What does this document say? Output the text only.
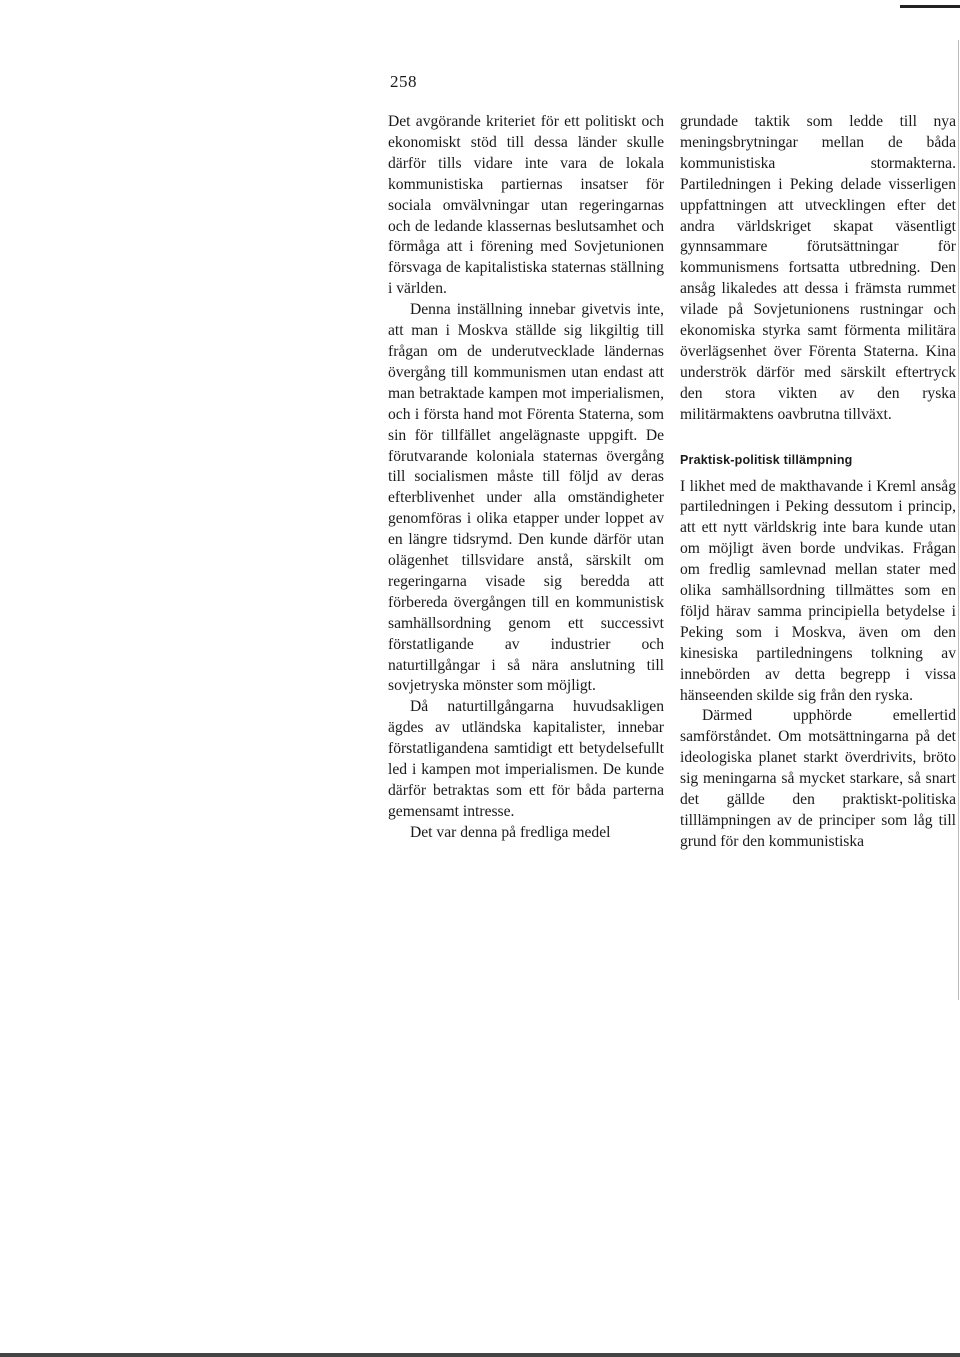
258

Det avgörande kriteriet för ett politiskt och ekonomiskt stöd till dessa länder skulle därför tills vidare inte vara de lokala kommunistiska partiernas insatser för sociala omvälvningar utan regeringarnas och de ledande klassernas beslutsamhet och förmåga att i förening med Sovjetunionen försvaga de kapitalistiska staternas ställning i världen.

Denna inställning innebar givetvis inte, att man i Moskva ställde sig likgiltig till frågan om de underutvecklade ländernas övergång till kommunismen utan endast att man betraktade kampen mot imperialismen, och i första hand mot Förenta Staterna, som sin för tillfället angelägnaste uppgift. De förutvarande koloniala staternas övergång till socialismen måste till följd av deras efterblivenhet under alla omständigheter genomföras i olika etapper under loppet av en längre tidsrymd. Den kunde därför utan olägenhet tillsvidare anstå, särskilt om regeringarna visade sig beredda att förbereda övergången till en kommunistisk samhällsordning genom ett successivt förstatligande av industrier och naturtillgångar i så nära anslutning till sovjetryska mönster som möjligt.

Då naturtillgångarna huvudsakligen ägdes av utländska kapitalister, innebar förstatligandena samtidigt ett betydelsefullt led i kampen mot imperialismen. De kunde därför betraktas som ett för båda parterna gemensamt intresse.

Det var denna på fredliga medel

grundade taktik som ledde till nya meningsbrytningar mellan de båda kommunistiska stormakterna. Partiledningen i Peking delade visserligen uppfattningen att utvecklingen efter det andra världskriget skapat väsentligt gynnsammare förutsättningar för kommunismens fortsatta utbredning. Den ansåg likaledes att dessa i främsta rummet vilade på Sovjetunionens rustningar och ekonomiska styrka samt förmenta militära överlägsenhet över Förenta Staterna. Kina underströk därför med särskilt eftertryck den stora vikten av den ryska militärmaktens oavbrutna tillväxt.

Praktisk-politisk tillämpning

I likhet med de makthavande i Kreml ansåg partiledningen i Peking dessutom i princip, att ett nytt världskrig inte bara kunde utan om möjligt även borde undvikas. Frågan om fredlig samlevnad mellan stater med olika samhällsordning tillmättes som en följd härav samma principiella betydelse i Peking som i Moskva, även om den kinesiska partiledningens tolkning av innebörden av detta begrepp i vissa hänseenden skilde sig från den ryska.

Därmed upphörde emellertid samförståndet. Om motsättningarna på det ideologiska planet starkt överdrivits, bröto sig meningarna så mycket starkare, så snart det gällde den praktiskt-politiska tilllämpningen av de principer som låg till grund för den kommunistiska
